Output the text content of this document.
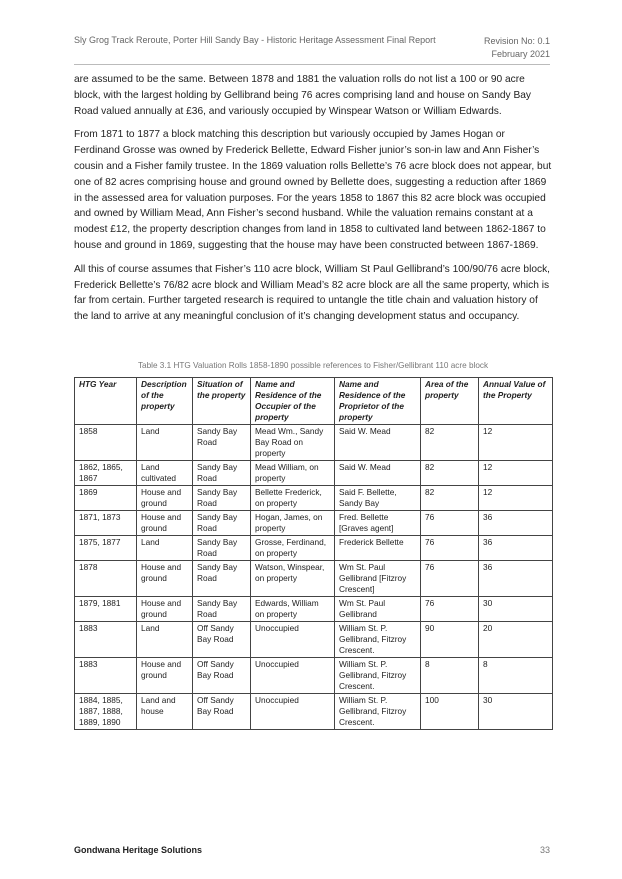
Sly Grog Track Reroute, Porter Hill Sandy Bay - Historic Heritage Assessment Final Report	Revision No: 0.1
February 2021

are assumed to be the same. Between 1878 and 1881 the valuation rolls do not list a 100 or 90 acre block, with the largest holding by Gellibrand being 76 acres comprising land and house on Sandy Bay Road valued annually at £36, and variously occupied by Winspear Watson or William Edwards.

From 1871 to 1877 a block matching this description but variously occupied by James Hogan or Ferdinand Grosse was owned by Frederick Bellette, Edward Fisher junior’s son-in law and Ann Fisher’s cousin and a Fisher family trustee. In the 1869 valuation rolls Bellette’s 76 acre block does not appear, but one of 82 acres comprising house and ground owned by Bellette does, suggesting a reduction after 1869 in the assessed area for valuation purposes. For the years 1858 to 1867 this 82 acre block was occupied and owned by William Mead, Ann Fisher’s second husband. While the valuation remains constant at a modest £12, the property description changes from land in 1858 to cultivated land between 1862-1867 to house and ground in 1869, suggesting that the house may have been constructed between 1867-1869.

All this of course assumes that Fisher’s 110 acre block, William St Paul Gellibrand’s 100/90/76 acre block, Frederick Bellette’s 76/82 acre block and William Mead’s 82 acre block are all the same property, which is far from certain. Further targeted research is required to untangle the title chain and valuation history of the land to arrive at any meaningful conclusion of it’s changing development status and occupancy.

Table 3.1 HTG Valuation Rolls 1858-1890 possible references to Fisher/Gellibrant 110 acre block
HTG Year	Description of the property	Situation of the property	Name and Residence of the Occupier of the property	Name and Residence of the Proprietor of the property	Area of the property	Annual Value of the Property
1858	Land	Sandy Bay Road	Mead Wm., Sandy Bay Road on property	Said W. Mead	82	12
1862, 1865, 1867	Land cultivated	Sandy Bay Road	Mead William, on property	Said W. Mead	82	12
1869	House and ground	Sandy Bay Road	Bellette Frederick, on property	Said F. Bellette, Sandy Bay	82	12
1871, 1873	House and ground	Sandy Bay Road	Hogan, James, on property	Fred. Bellette [Graves agent]	76	36
1875, 1877	Land	Sandy Bay Road	Grosse, Ferdinand, on property	Frederick Bellette	76	36
1878	House and ground	Sandy Bay Road	Watson, Winspear, on property	Wm St. Paul Gellibrand [Fitzroy Crescent]	76	36
1879, 1881	House and ground	Sandy Bay Road	Edwards, William on property	Wm St. Paul Gellibrand	76	30
1883	Land	Off Sandy Bay Road	Unoccupied	William St. P. Gellibrand, Fitzroy Crescent.	90	20
1883	House and ground	Off Sandy Bay Road	Unoccupied	William St. P. Gellibrand, Fitzroy Crescent.	8	8
1884, 1885, 1887, 1888, 1889, 1890	Land and house	Off Sandy Bay Road	Unoccupied	William St. P. Gellibrand, Fitzroy Crescent.	100	30
Gondwana Heritage Solutions	33
